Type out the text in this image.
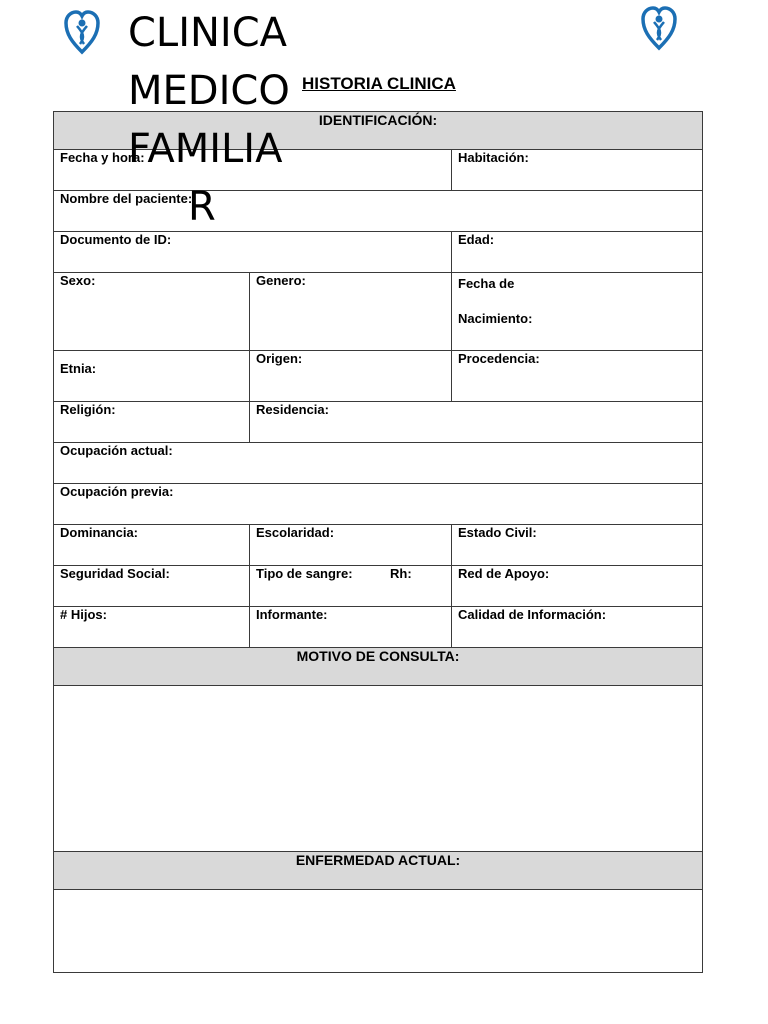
CLINICA
MEDICO
FAMILIA
R
HISTORIA CLINICA
IDENTIFICACIÓN:		
Fecha y hora:		Habitación:
Nombre del paciente:		
Documento de ID:		Edad:
Sexo:	Genero:	Fecha de
Nacimiento:

Etnia:	Origen:	Procedencia:
Religión:	Residencia:	
Ocupación actual:		
Ocupación previa:		
Dominancia:	Escolaridad:	Estado Civil:
Seguridad Social:	Tipo de sangre: Rh:	Red de Apoyo:
# Hijos:	Informante:	Calidad de Información:
MOTIVO DE CONSULTA:		

ENFERMEDAD ACTUAL:		
